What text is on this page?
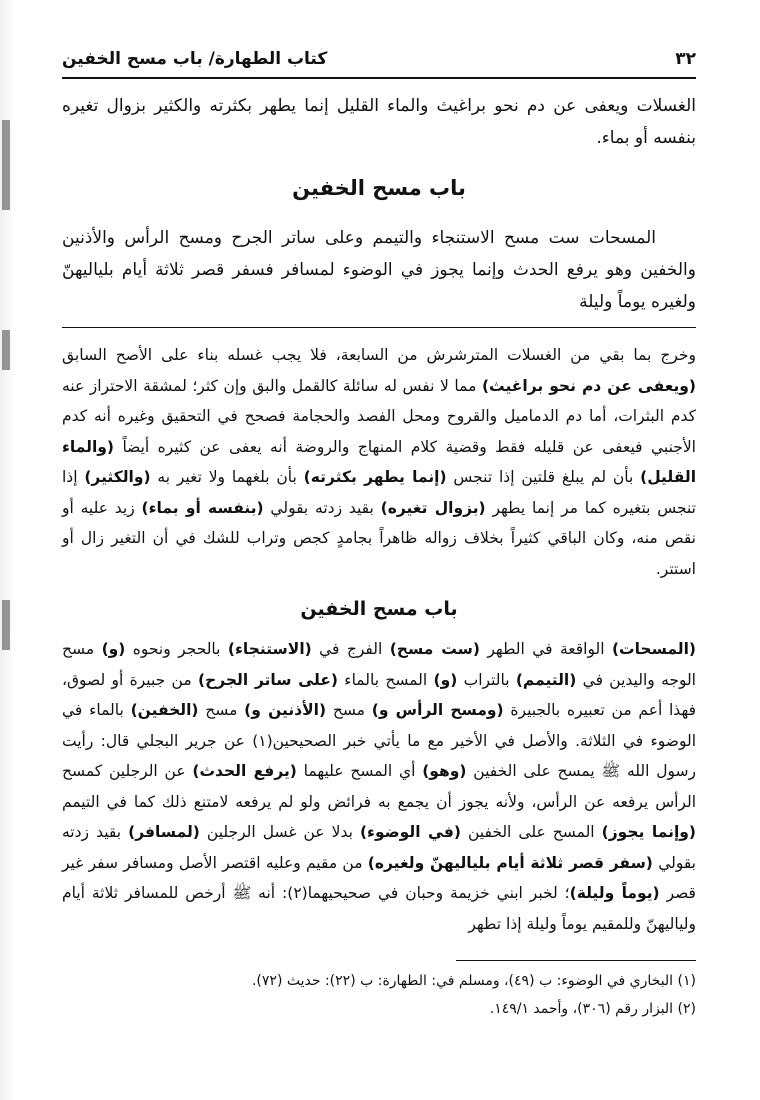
٣٢
كتاب الطهارة/ باب مسح الخفين
الغسلات ويعفى عن دم نحو براغيث والماء القليل إنما يطهر بكثرته والكثير بزوال تغيره بنفسه أو بماء.
باب مسح الخفين
المسحات ست مسح الاستنجاء والتيمم وعلى ساتر الجرح ومسح الرأس والأذنين والخفين وهو يرفع الحدث وإنما يجوز في الوضوء لمسافر فسفر قصر ثلاثة أيام بلياليهنّ ولغيره يوماً وليلة
وخرج بما بقي من الغسلات المترشرش من السابعة، فلا يجب غسله بناء على الأصح السابق (ويعفى عن دم نحو براغيث) مما لا نفس له سائلة كالقمل والبق وإن كثر؛ لمشقة الاحتراز عنه كدم البثرات، أما دم الدماميل والقروح ومحل الفصد والحجامة فصحح في التحقيق وغيره أنه كدم الأجنبي فيعفى عن قليله فقط وقضية كلام المنهاج والروضة أنه يعفى عن كثيره أيضاً (والماء القليل) بأن لم يبلغ قلتين إذا تنجس (إنما يطهر بكثرته) بأن بلغهما ولا تغير به (والكثير) إذا تنجس بتغيره كما مر إنما يطهر (بزوال تغيره) بقيد زدته بقولي (بنفسه أو بماء) زيد عليه أو نقص منه، وكان الباقي كثيراً بخلاف زواله ظاهراً بجامدٍ كجص وتراب للشك في أن التغير زال أو استتر.
باب مسح الخفين
(المسحات) الواقعة في الطهر (ست مسح) الفرج في (الاستنجاء) بالحجر ونحوه (و) مسح الوجه واليدين في (التيمم) بالتراب (و) المسح بالماء (على ساتر الجرح) من جبيرة أو لصوق، فهذا أعم من تعبيره بالجبيرة (ومسح الرأس و) مسح (الأذنين و) مسح (الخفين) بالماء في الوضوء في الثلاثة. والأصل في الأخير مع ما يأتي خبر الصحيحين(١) عن جرير البجلي قال: رأيت رسول الله ﷺ يمسح على الخفين (وهو) أي المسح عليهما (يرفع الحدث) عن الرجلين كمسح الرأس يرفعه عن الرأس، ولأنه يجوز أن يجمع به فرائض ولو لم يرفعه لامتنع ذلك كما في التيمم (وإنما يجوز) المسح على الخفين (في الوضوء) بدلا عن غسل الرجلين (لمسافر) بقيد زدته بقولي (سفر قصر ثلاثة أيام بلياليهنّ ولغيره) من مقيم وعليه اقتصر الأصل ومسافر سفر غير قصر (يوماً وليلة)؛ لخبر ابني خزيمة وحبان في صحيحيهما(٢): أنه ﷺ أرخص للمسافر ثلاثة أيام ولياليهنّ وللمقيم يوماً وليلة إذا تطهر
(١) البخاري في الوضوء: ب (٤٩)، ومسلم في: الطهارة: ب (٢٢): حديث (٧٢).
(٢) البزار رقم (٣٠٦)، وأحمد ١٤٩/١.
